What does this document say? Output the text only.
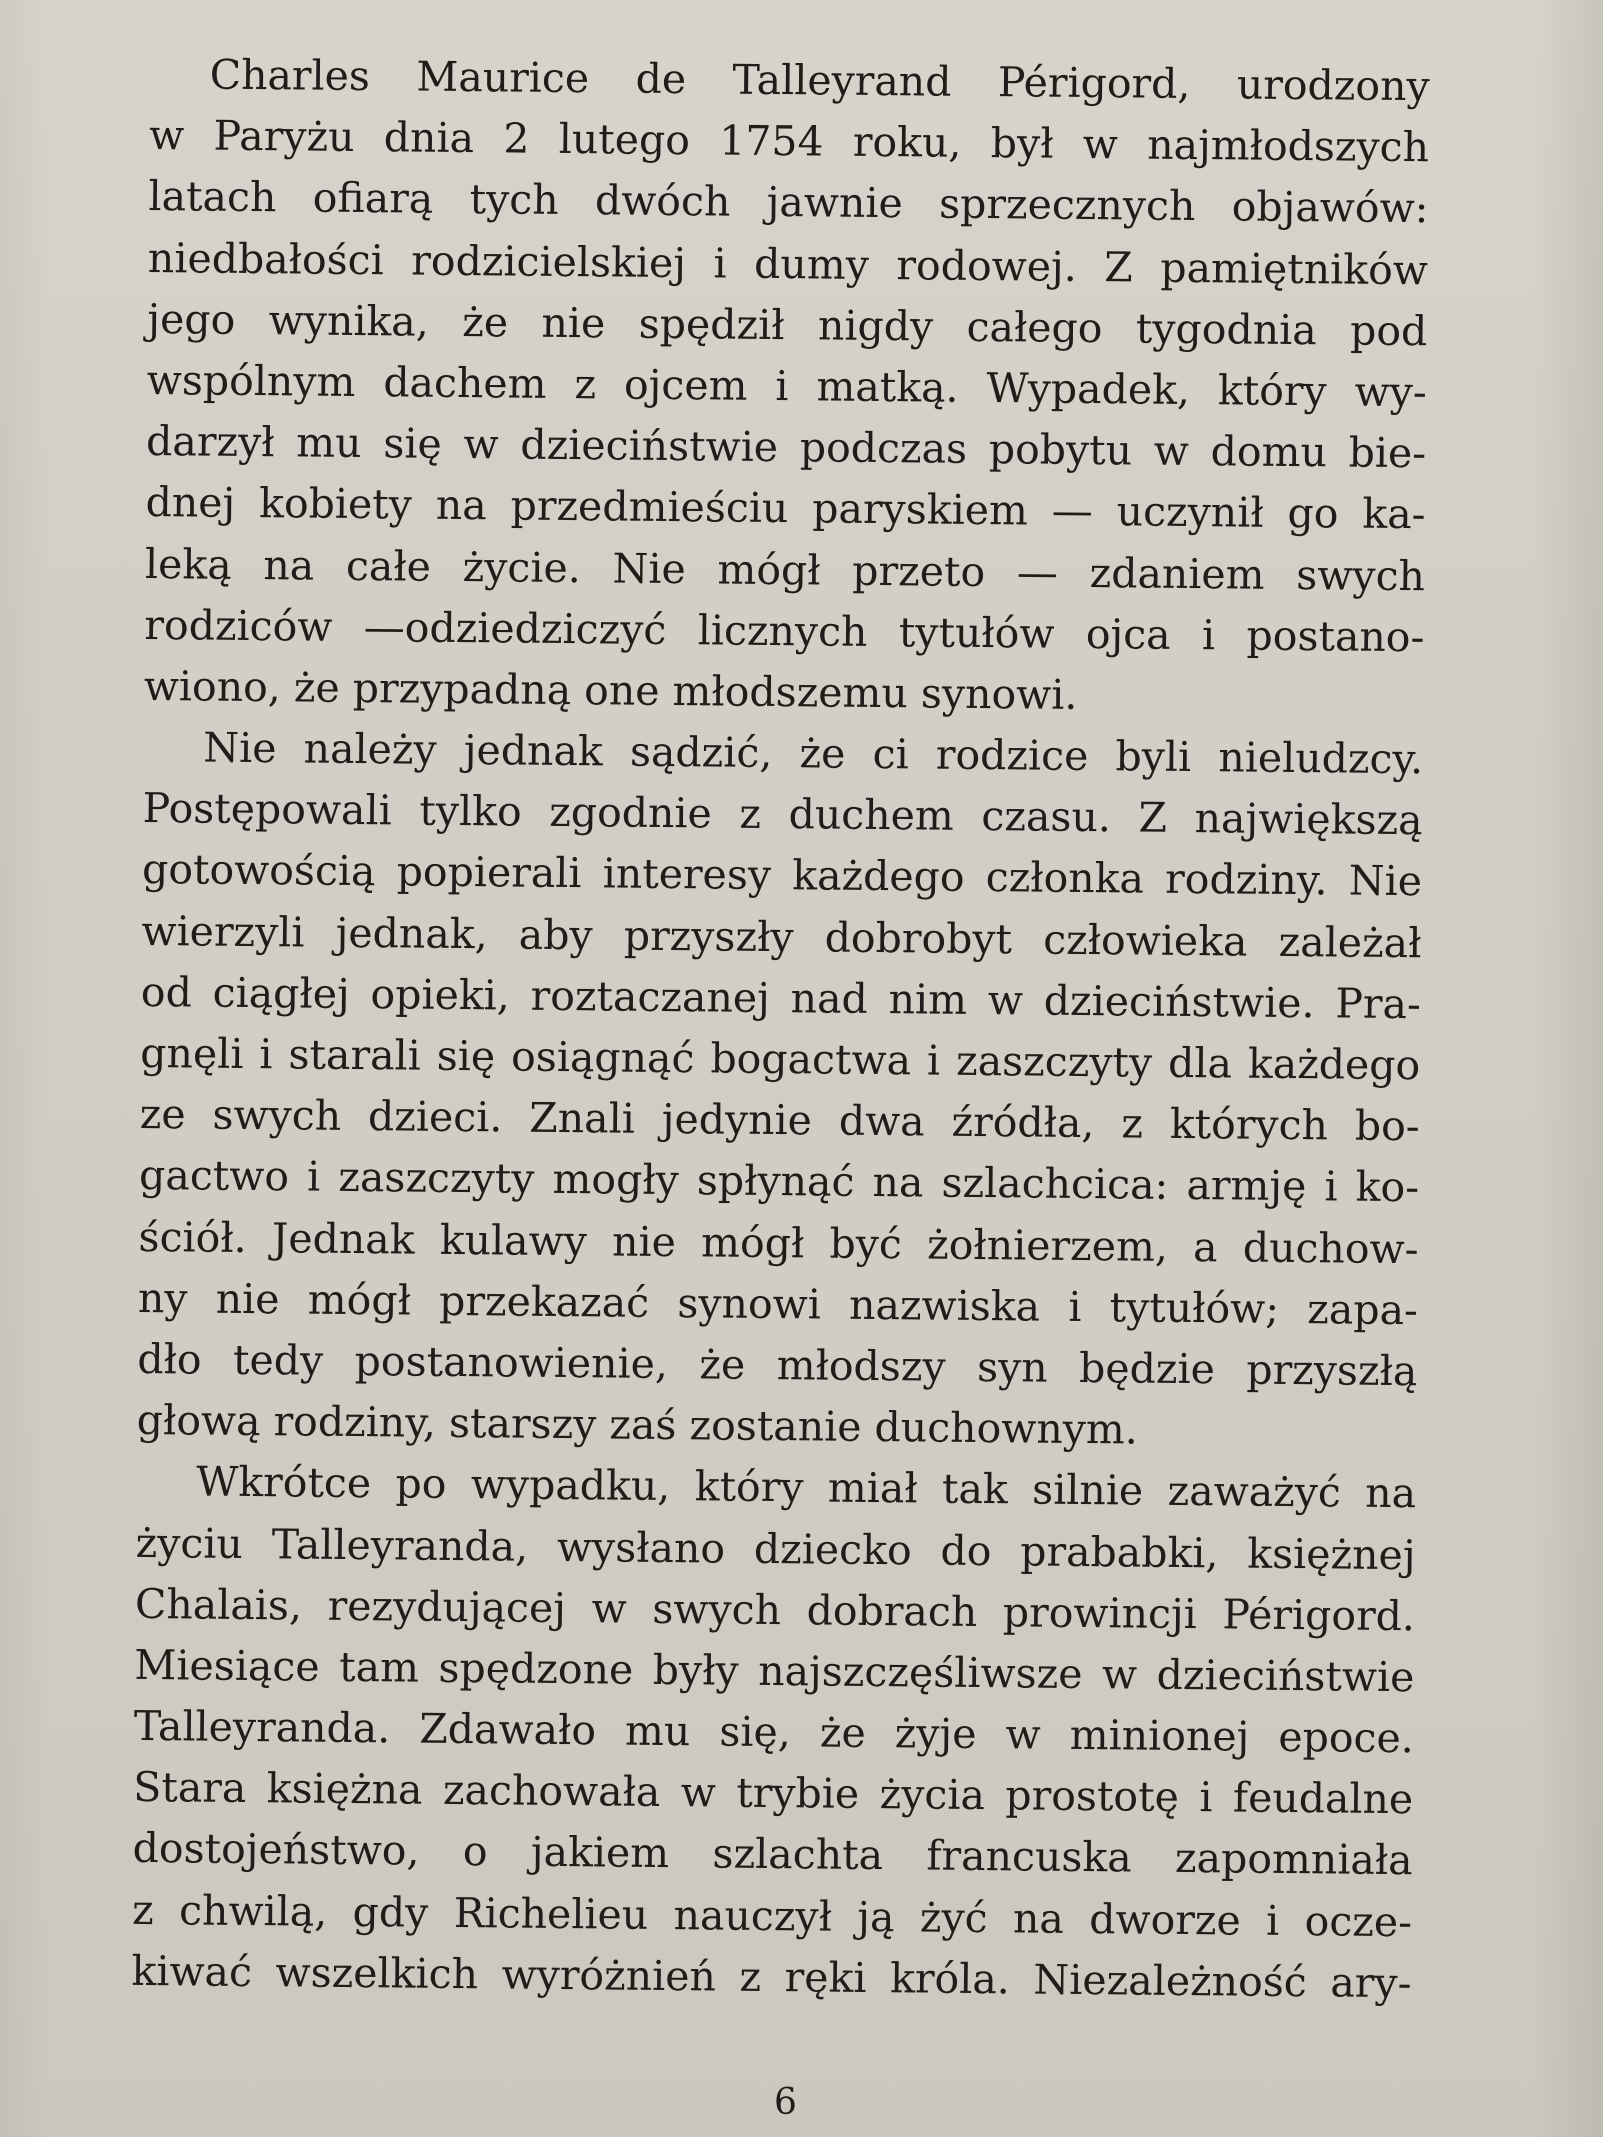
Charles Maurice de Talleyrand Périgord, urodzony
w Paryżu dnia 2 lutego 1754 roku, był w najmłodszych
latach ofiarą tych dwóch jawnie sprzecznych objawów:
niedbałości rodzicielskiej i dumy rodowej. Z pamiętników
jego wynika, że nie spędził nigdy całego tygodnia pod
wspólnym dachem z ojcem i matką. Wypadek, który wy-
darzył mu się w dzieciństwie podczas pobytu w domu bie-
dnej kobiety na przedmieściu paryskiem — uczynił go ka-
leką na całe życie. Nie mógł przeto — zdaniem swych
rodziców —odziedziczyć licznych tytułów ojca i postano-
wiono, że przypadną one młodszemu synowi.

Nie należy jednak sądzić, że ci rodzice byli nieludzcy.
Postępowali tylko zgodnie z duchem czasu. Z największą
gotowością popierali interesy każdego członka rodziny. Nie
wierzyli jednak, aby przyszły dobrobyt człowieka zależał
od ciągłej opieki, roztaczanej nad nim w dzieciństwie. Pra-
gnęli i starali się osiągnąć bogactwa i zaszczyty dla każdego
ze swych dzieci. Znali jedynie dwa źródła, z których bo-
gactwo i zaszczyty mogły spłynąć na szlachcica: armję i ko-
ściół. Jednak kulawy nie mógł być żołnierzem, a duchow-
ny nie mógł przekazać synowi nazwiska i tytułów; zapa-
dło tedy postanowienie, że młodszy syn będzie przyszłą
głową rodziny, starszy zaś zostanie duchownym.

Wkrótce po wypadku, który miał tak silnie zaważyć na
życiu Talleyranda, wysłano dziecko do prababki, księżnej
Chalais, rezydującej w swych dobrach prowincji Périgord.
Miesiące tam spędzone były najszczęśliwsze w dzieciństwie
Talleyranda. Zdawało mu się, że żyje w minionej epoce.
Stara księżna zachowała w trybie życia prostotę i feudalne
dostojeństwo, o jakiem szlachta francuska zapomniała
z chwilą, gdy Richelieu nauczył ją żyć na dworze i ocze-
kiwać wszelkich wyróżnień z ręki króla. Niezależność ary-

6
